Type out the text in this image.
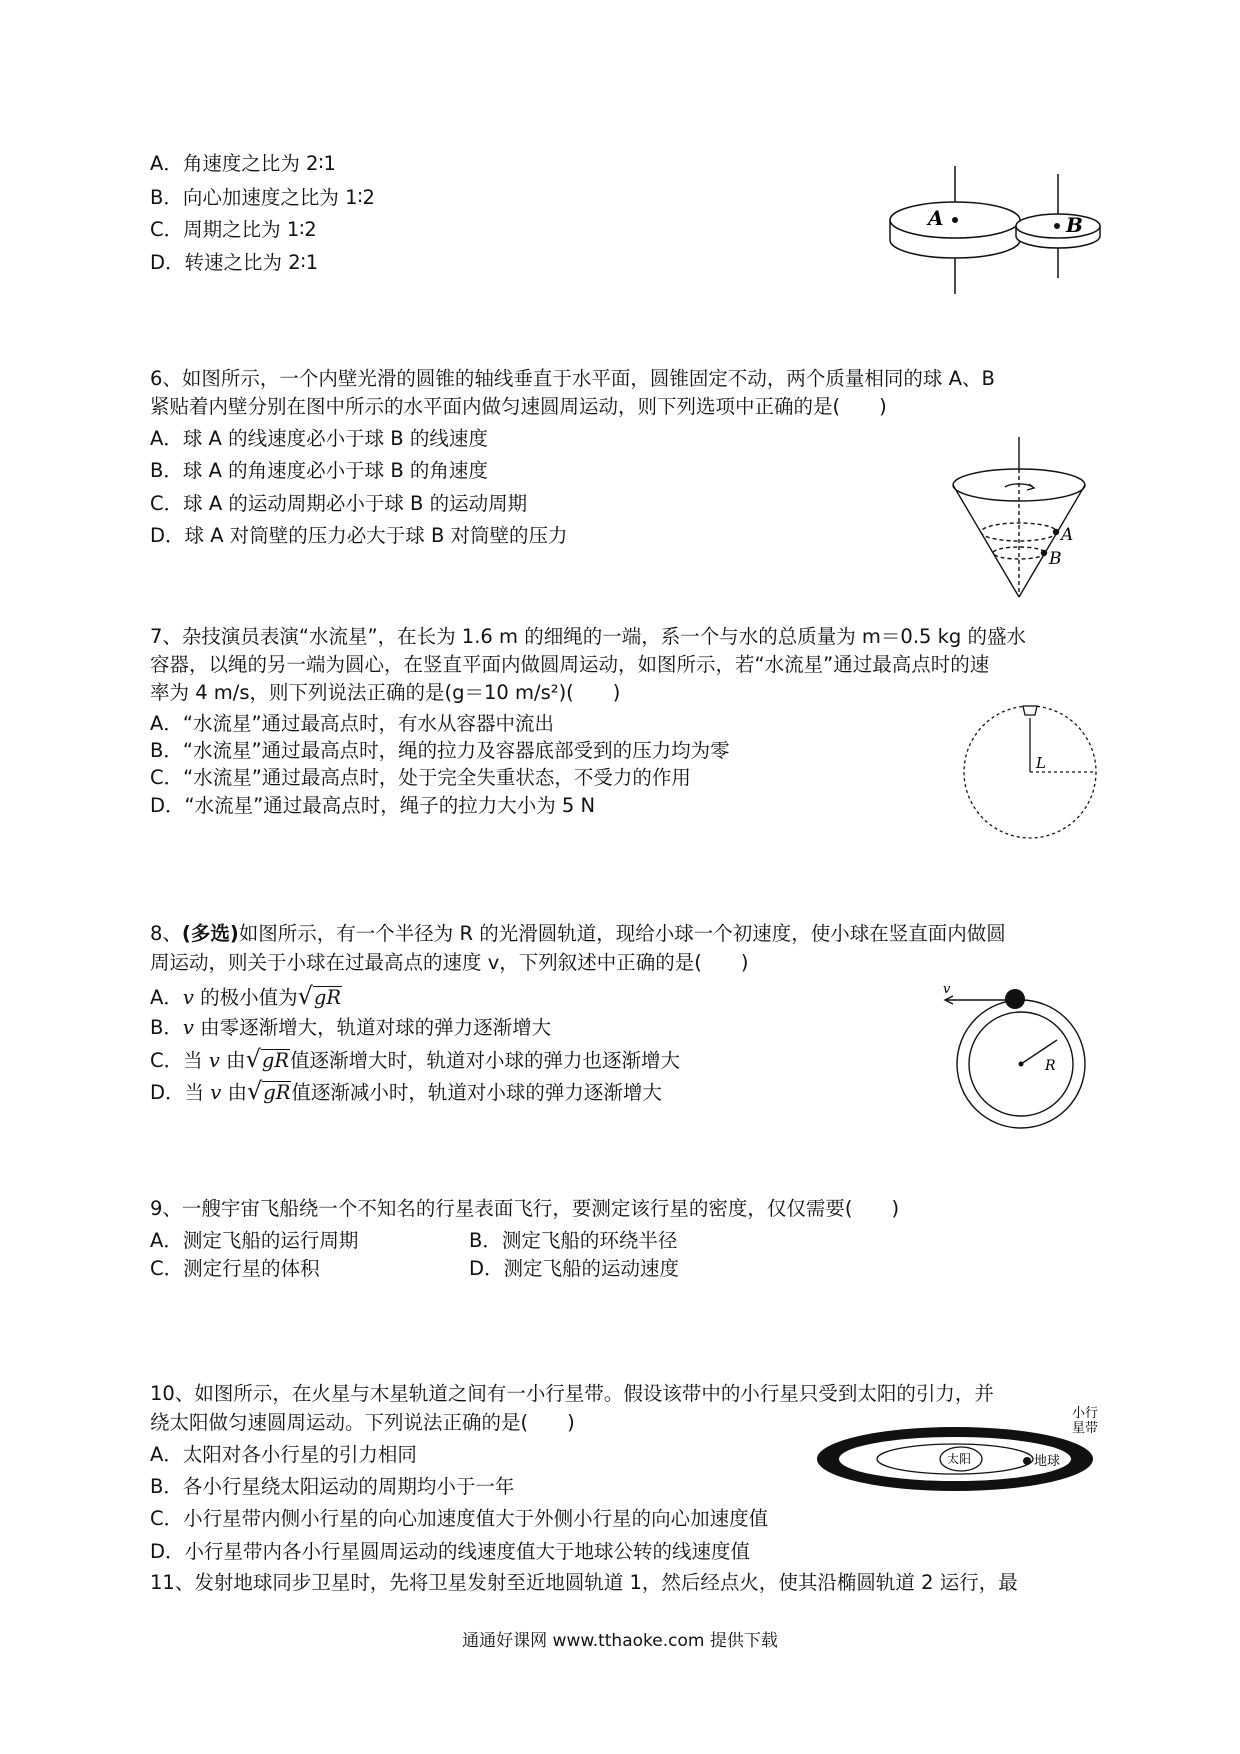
A．角速度之比为 2∶1
B．向心加速度之比为 1∶2
C．周期之比为 1∶2
D．转速之比为 2∶1
A	B
6、如图所示，一个内壁光滑的圆锥的轴线垂直于水平面，圆锥固定不动，两个质量相同的球 A、B
紧贴着内壁分别在图中所示的水平面内做匀速圆周运动，则下列选项中正确的是(　　)
A．球 A 的线速度必小于球 B 的线速度
B．球 A 的角速度必小于球 B 的角速度
C．球 A 的运动周期必小于球 B 的运动周期
D．球 A 对筒壁的压力必大于球 B 对筒壁的压力	A
B
7、杂技演员表演“水流星”，在长为 1.6 m 的细绳的一端，系一个与水的总质量为 m＝0.5 kg 的盛水
容器，以绳的另一端为圆心，在竖直平面内做圆周运动，如图所示，若“水流星”通过最高点时的速
率为 4 m/s，则下列说法正确的是(g＝10 m/s²)(　　)
A．“水流星”通过最高点时，有水从容器中流出
B．“水流星”通过最高点时，绳的拉力及容器底部受到的压力均为零
C．“水流星”通过最高点时，处于完全失重状态，不受力的作用
D．“水流星”通过最高点时，绳子的拉力大小为 5 N
L
8、(多选)如图所示，有一个半径为 R 的光滑圆轨道，现给小球一个初速度，使小球在竖直面内做圆
周运动，则关于小球在过最高点的速度 v，下列叙述中正确的是(　　)
A．v 的极小值为√gR
B．v 由零逐渐增大，轨道对球的弹力逐渐增大
C．当 v 由√gR值逐渐增大时，轨道对小球的弹力也逐渐增大
D．当 v 由√gR值逐渐减小时，轨道对小球的弹力逐渐增大
v
R
9、一艘宇宙飞船绕一个不知名的行星表面飞行，要测定该行星的密度，仅仅需要(　　)
A．测定飞船的运行周期	B．测定飞船的环绕半径
C．测定行星的体积	D．测定飞船的运动速度
10、如图所示，在火星与木星轨道之间有一小行星带。假设该带中的小行星只受到太阳的引力，并
绕太阳做匀速圆周运动。下列说法正确的是(　　)
A．太阳对各小行星的引力相同
B．各小行星绕太阳运动的周期均小于一年
C．小行星带内侧小行星的向心加速度值大于外侧小行星的向心加速度值
D．小行星带内各小行星圆周运动的线速度值大于地球公转的线速度值
小行
星带
太阳	地球
11、发射地球同步卫星时，先将卫星发射至近地圆轨道 1，然后经点火，使其沿椭圆轨道 2 运行，最
通通好课网 www.tthaoke.com 提供下载
